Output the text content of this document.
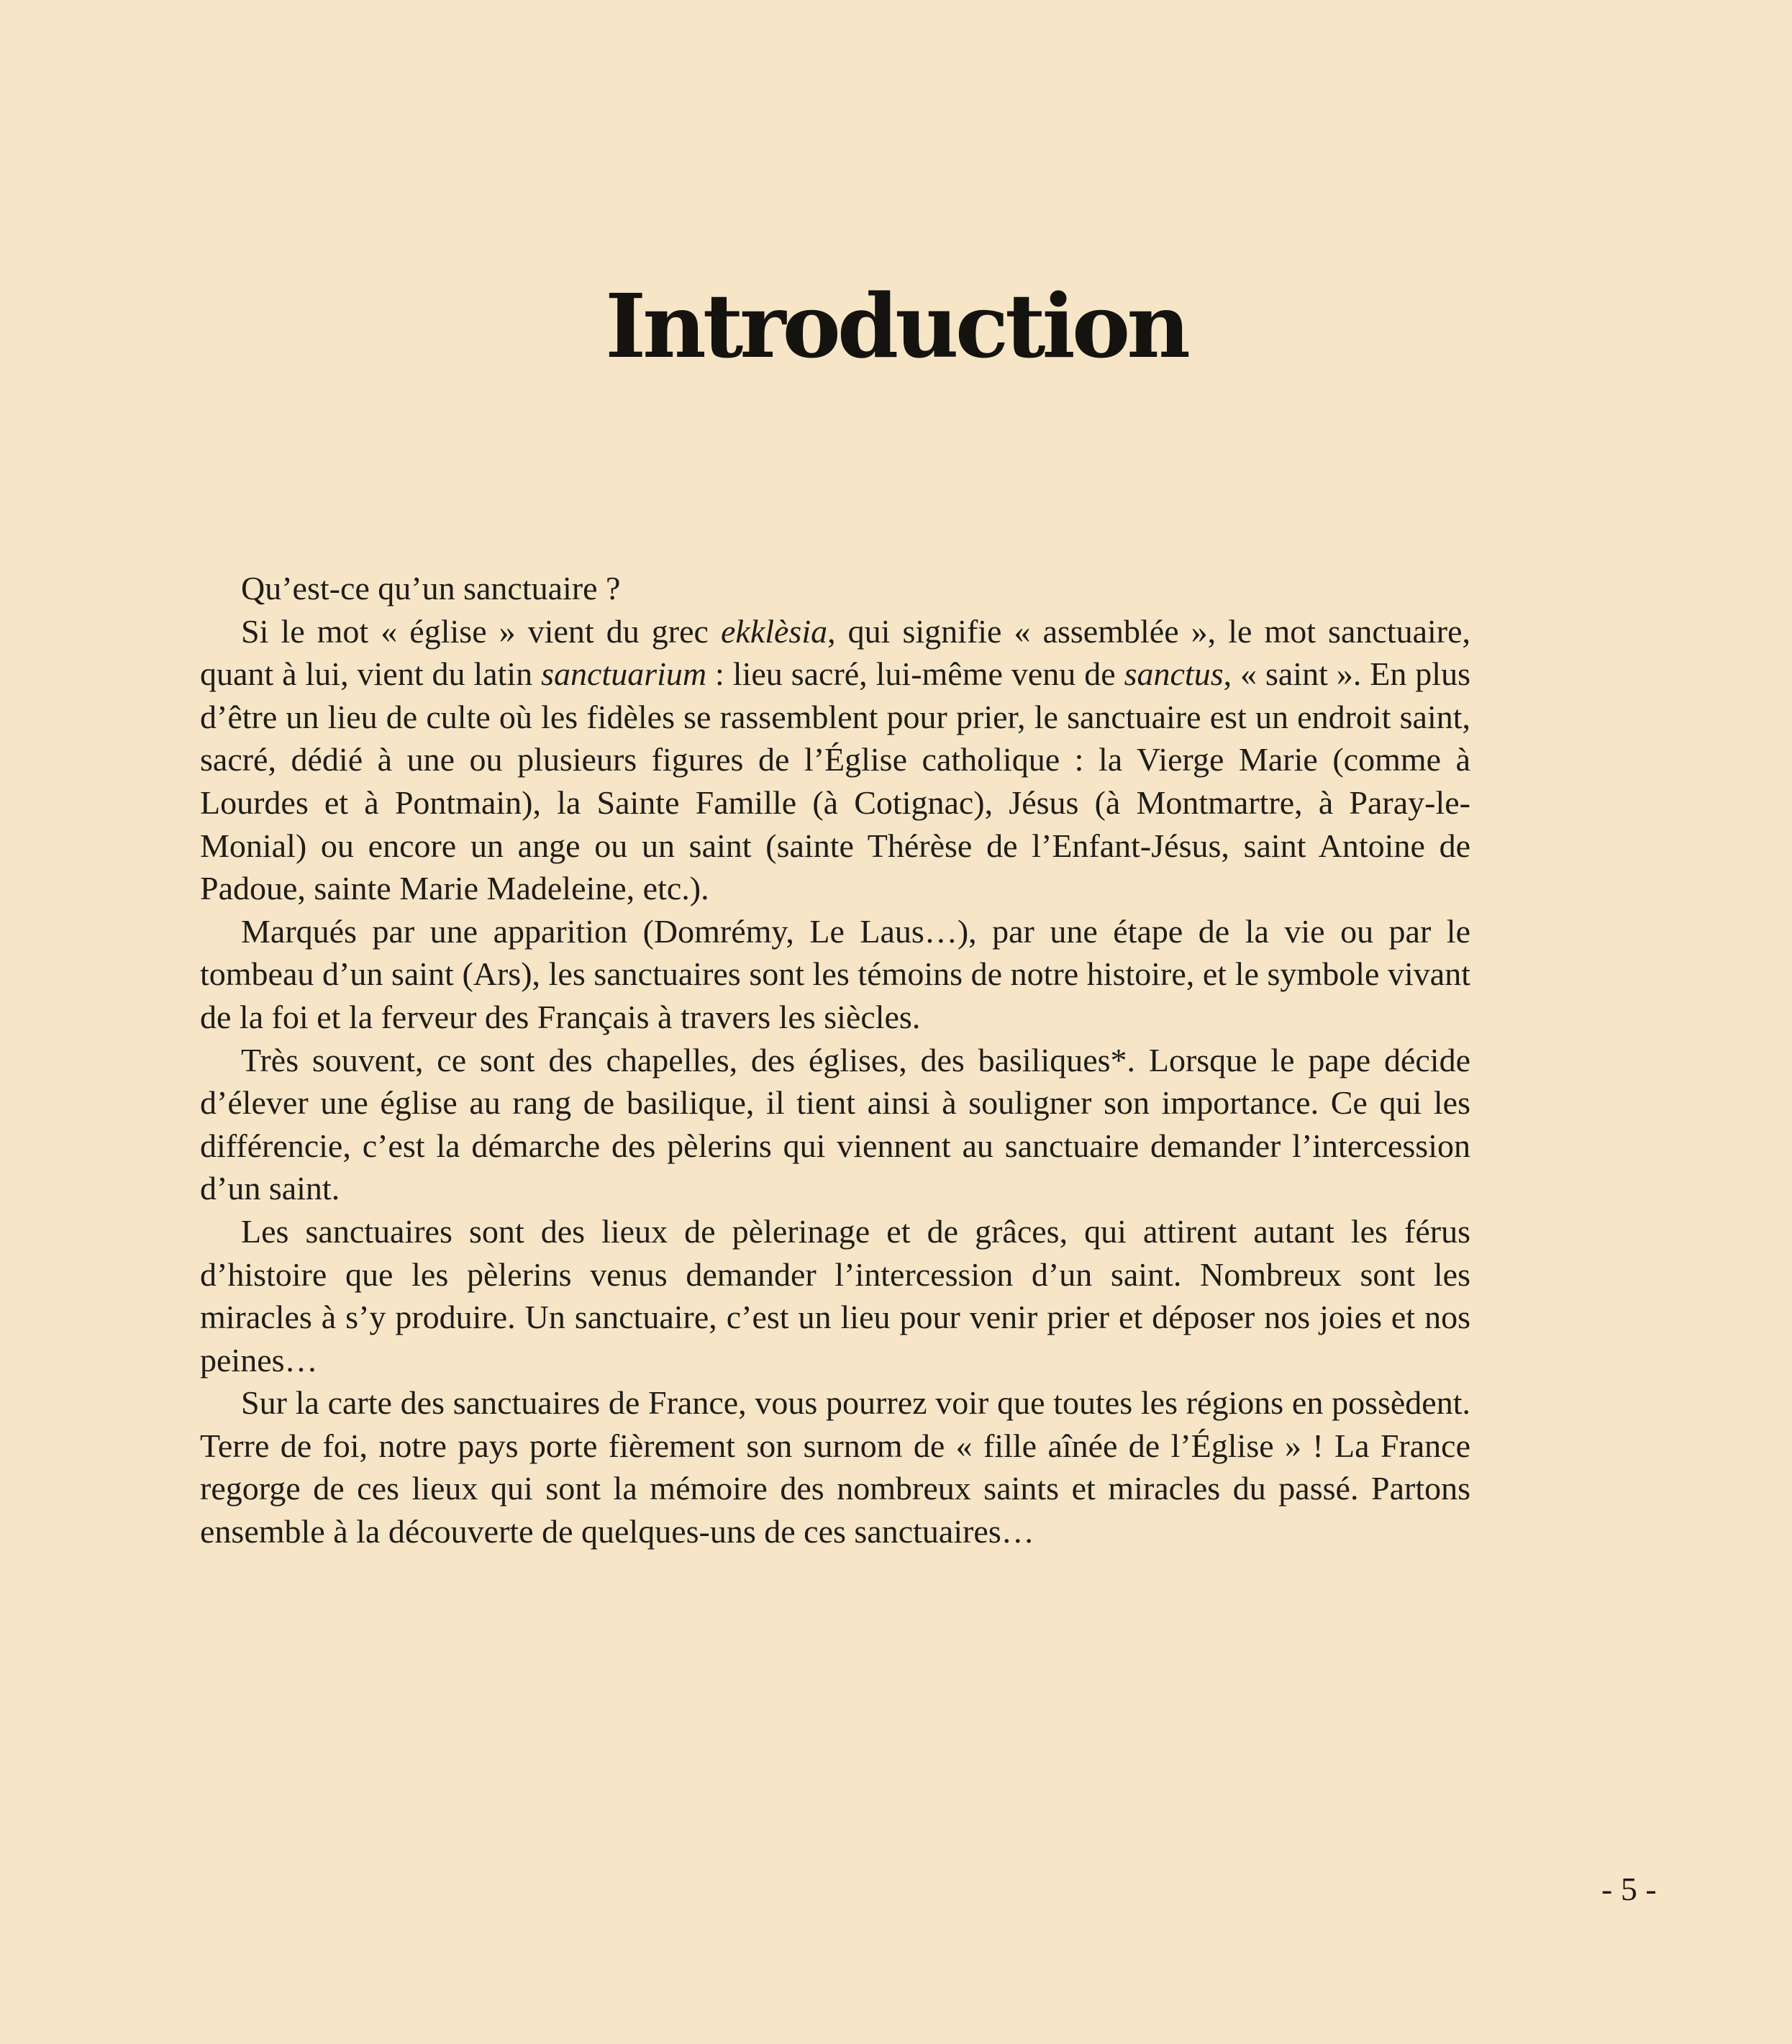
Introduction

Qu’est-ce qu’un sanctuaire ?

Si le mot « église » vient du grec ekklèsia, qui signifie « assemblée », le mot sanctuaire, quant à lui, vient du latin sanctuarium : lieu sacré, lui-même venu de sanctus, « saint ». En plus d’être un lieu de culte où les fidèles se rassemblent pour prier, le sanctuaire est un endroit saint, sacré, dédié à une ou plusieurs figures de l’Église catholique : la Vierge Marie (comme à Lourdes et à Pontmain), la Sainte Famille (à Cotignac), Jésus (à Montmartre, à Paray-le-Monial) ou encore un ange ou un saint (sainte Thérèse de l’Enfant-Jésus, saint Antoine de Padoue, sainte Marie Madeleine, etc.).

Marqués par une apparition (Domrémy, Le Laus…), par une étape de la vie ou par le tombeau d’un saint (Ars), les sanctuaires sont les témoins de notre histoire, et le symbole vivant de la foi et la ferveur des Français à travers les siècles.

Très souvent, ce sont des chapelles, des églises, des basiliques*. Lorsque le pape décide d’élever une église au rang de basilique, il tient ainsi à souligner son importance. Ce qui les différencie, c’est la démarche des pèlerins qui viennent au sanctuaire demander l’intercession d’un saint.

Les sanctuaires sont des lieux de pèlerinage et de grâces, qui attirent autant les férus d’histoire que les pèlerins venus demander l’intercession d’un saint. Nombreux sont les miracles à s’y produire. Un sanctuaire, c’est un lieu pour venir prier et déposer nos joies et nos peines…

Sur la carte des sanctuaires de France, vous pourrez voir que toutes les régions en possèdent. Terre de foi, notre pays porte fièrement son surnom de « fille aînée de l’Église » ! La France regorge de ces lieux qui sont la mémoire des nombreux saints et miracles du passé. Partons ensemble à la découverte de quelques-uns de ces sanctuaires…

- 5 -
